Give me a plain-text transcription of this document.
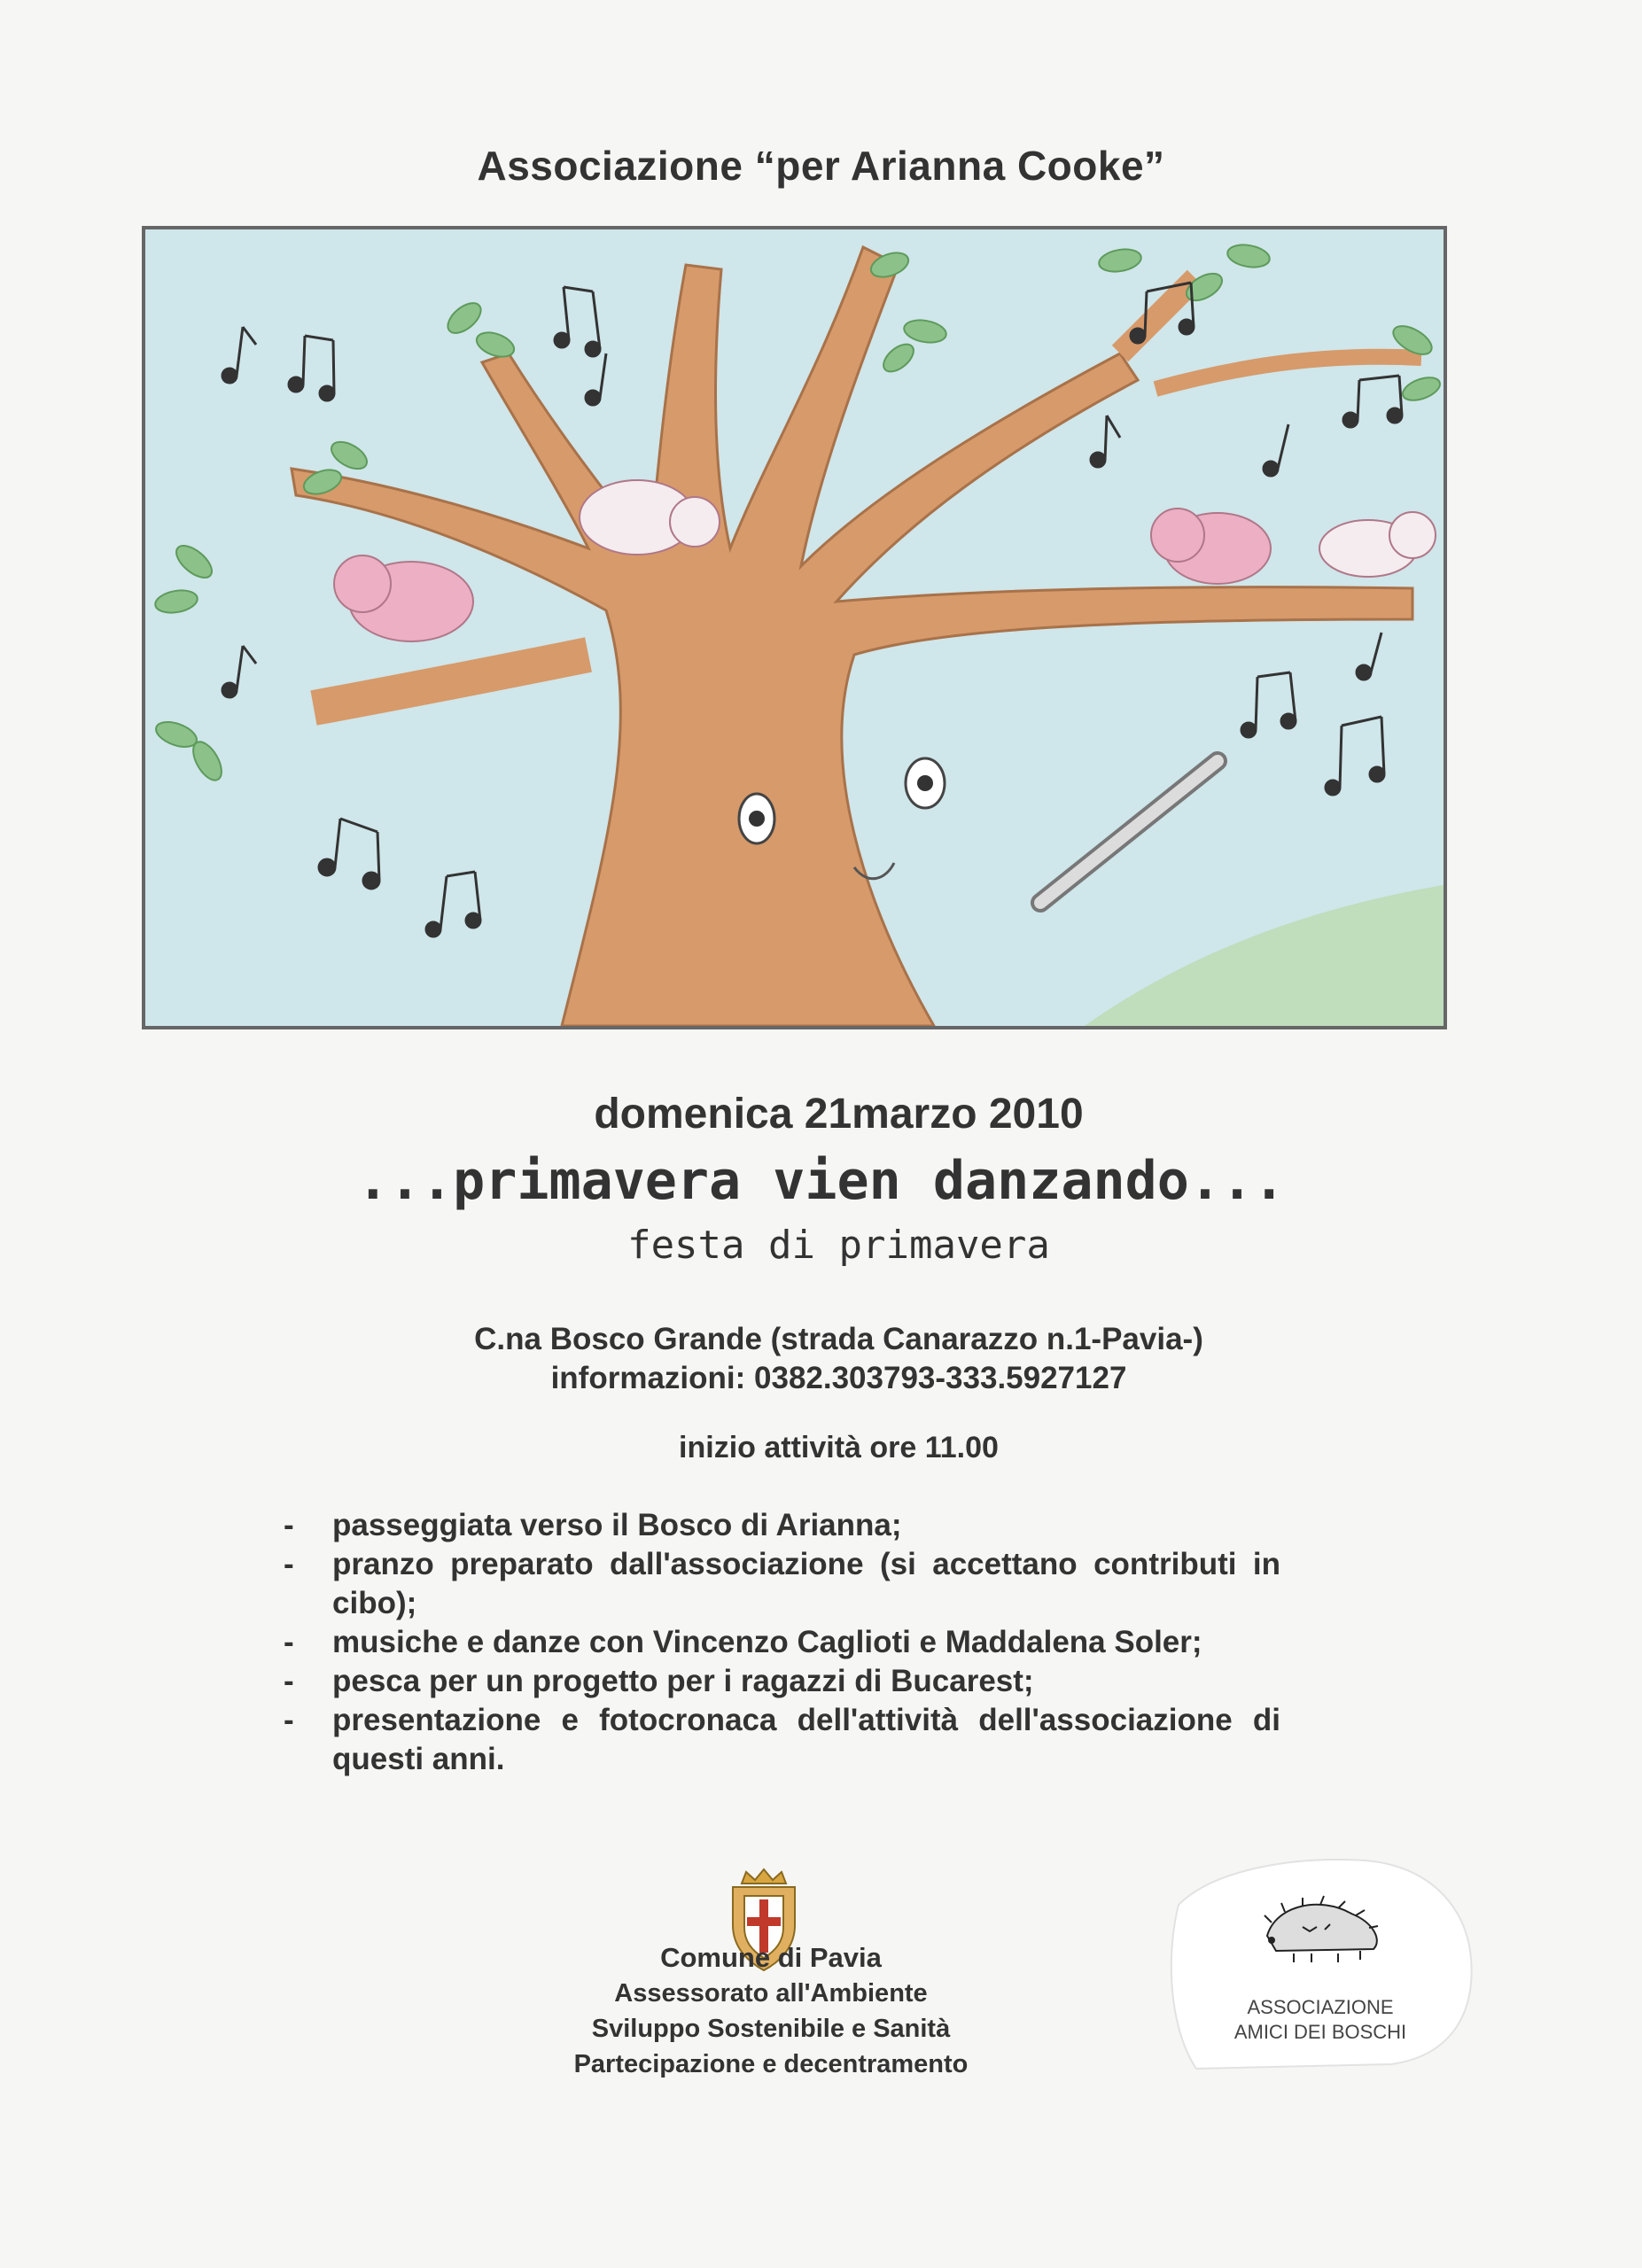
Associazione “per Arianna Cooke”
domenica 21marzo 2010
...primavera vien danzando...
festa di primavera
C.na Bosco Grande (strada Canarazzo n.1-Pavia-)
informazioni: 0382.303793-333.5927127
inizio attività ore 11.00
- passeggiata verso il Bosco di Arianna;
- pranzo preparato dall'associazione (si accettano contributi in cibo);
- musiche e danze con Vincenzo Caglioti e Maddalena Soler;
- pesca per un progetto per i ragazzi di Bucarest;
- presentazione e fotocronaca dell'attività dell'associazione di questi anni.
Comune di Pavia
Assessorato all'Ambiente
Sviluppo Sostenibile e Sanità
Partecipazione e decentramento
ASSOCIAZIONE
AMICI DEI BOSCHI
